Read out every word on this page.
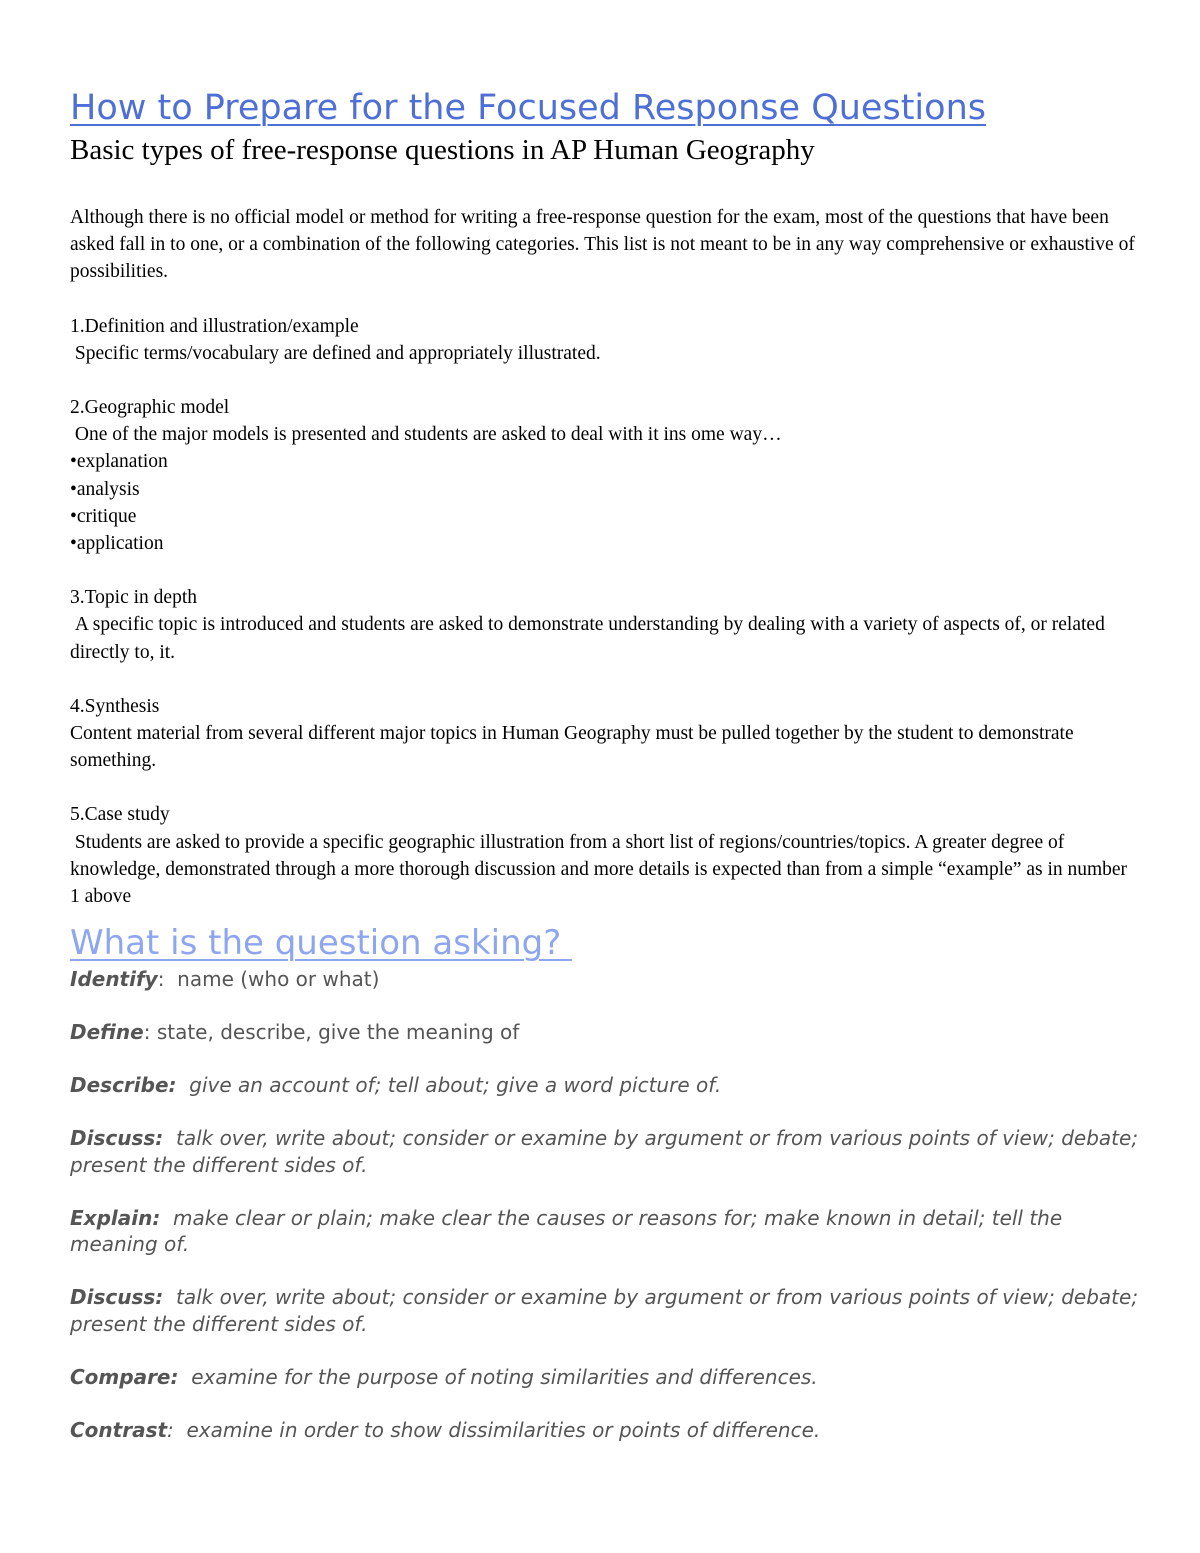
How to Prepare for the Focused Response Questions
Basic types of free-response questions in AP Human Geography

Although there is no official model or method for writing a free-response question for the exam, most of the questions that have been asked fall in to one, or a combination of the following categories. This list is not meant to be in any way comprehensive or exhaustive of possibilities.

1.Definition and illustration/example
Specific terms/vocabulary are defined and appropriately illustrated.
2.Geographic model
One of the major models is presented and students are asked to deal with it ins ome way…
•explanation
•analysis
•critique
•application
3.Topic in depth
A specific topic is introduced and students are asked to demonstrate understanding by dealing with a variety of aspects of, or related directly to, it.
4.Synthesis
Content material from several different major topics in Human Geography must be pulled together by the student to demonstrate something.
5.Case study
Students are asked to provide a specific geographic illustration from a short list of regions/countries/topics. A greater degree of knowledge, demonstrated through a more thorough discussion and more details is expected than from a simple “example” as in number 1 above
What is the question asking?
Identify:  name (who or what)
Define: state, describe, give the meaning of
Describe:  give an account of; tell about; give a word picture of.
Discuss:  talk over, write about; consider or examine by argument or from various points of view; debate; present the different sides of.
Explain:  make clear or plain; make clear the causes or reasons for; make known in detail; tell the meaning of.
Discuss:  talk over, write about; consider or examine by argument or from various points of view; debate; present the different sides of.
Compare:  examine for the purpose of noting similarities and differences.
Contrast:  examine in order to show dissimilarities or points of difference.
